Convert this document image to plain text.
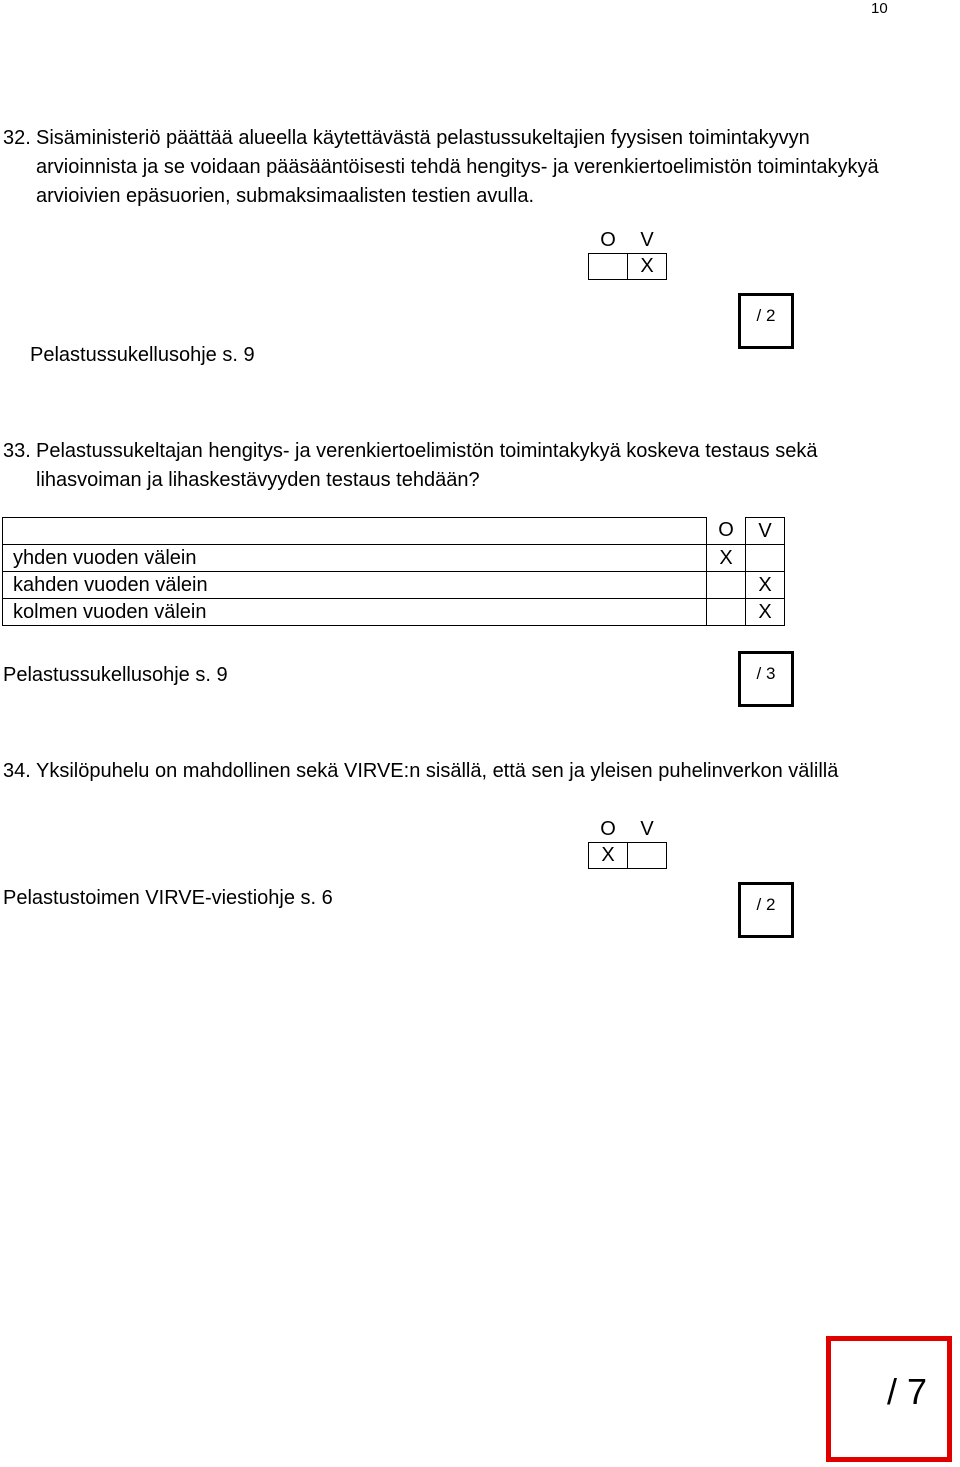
10
32. Sisäministeriö päättää alueella käytettävästä pelastussukeltajien fyysisen toimintakyvyn arvioinnista ja se voidaan pääsääntöisesti tehdä hengitys- ja verenkiertoelimistön toimintakykyä arvioivien epäsuorien, submaksimaalisten testien avulla.
O	V
	X
Pelastussukellusohje s. 9
/ 2
33. Pelastussukeltajan hengitys- ja verenkiertoelimistön toimintakykyä koskeva testaus sekä lihasvoiman ja lihaskestävyyden testaus tehdään?
	O	V
yhden vuoden välein	X	
kahden vuoden välein		X
kolmen vuoden välein		X
Pelastussukellusohje s. 9	/ 3
34. Yksilöpuhelu on mahdollinen sekä VIRVE:n sisällä, että sen ja yleisen puhelinverkon välillä
O	V
X	
Pelastustoimen VIRVE-viestiohje s. 6	/ 2
/ 7
